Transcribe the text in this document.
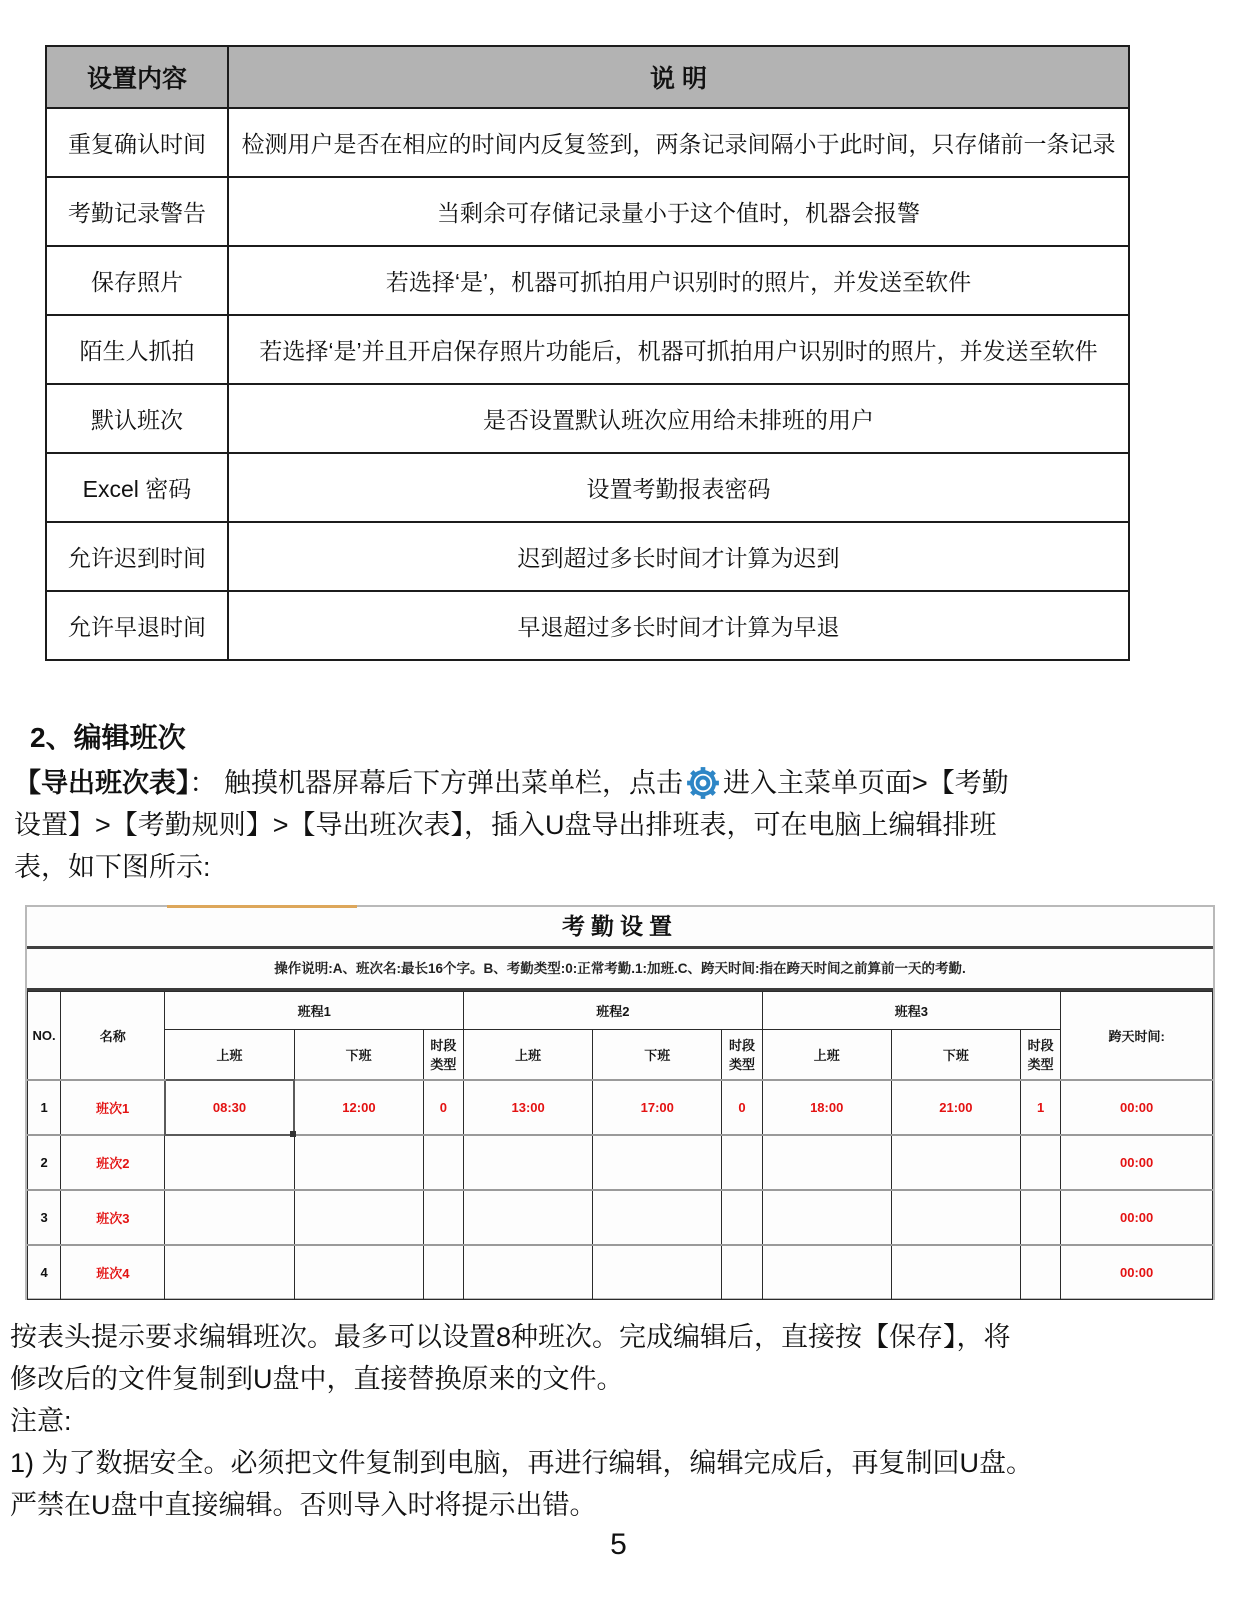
设置内容	说 明
重复确认时间	检测用户是否在相应的时间内反复签到，两条记录间隔小于此时间，只存储前一条记录
考勤记录警告	当剩余可存储记录量小于这个值时，机器会报警
保存照片	若选择‘是’，机器可抓拍用户识别时的照片，并发送至软件
陌生人抓拍	若选择‘是’并且开启保存照片功能后，机器可抓拍用户识别时的照片，并发送至软件
默认班次	是否设置默认班次应用给未排班的用户
Excel 密码	设置考勤报表密码
允许迟到时间	迟到超过多长时间才计算为迟到
允许早退时间	早退超过多长时间才计算为早退
2、编辑班次
【导出班次表】： 触摸机器屏幕后下方弹出菜单栏，点击 进入主菜单页面>【考勤
设置】>【考勤规则】>【导出班次表】，插入U盘导出排班表，可在电脑上编辑排班
表，如下图所示:
考勤设置
操作说明:A、班次名:最长16个字。B、考勤类型:0:正常考勤.1:加班.C、跨天时间:指在跨天时间之前算前一天的考勤.
NO.	名称	班程1			班程2			班程3			跨天时间:
		上班	下班	时段类型	上班	下班	时段类型	上班	下班	时段类型	
1	班次1	08:30	12:00	0	13:00	17:00	0	18:00	21:00	1	00:00
2	班次2										00:00
3	班次3										00:00
4	班次4										00:00
按表头提示要求编辑班次。最多可以设置8种班次。完成编辑后，直接按【保存】，将
修改后的文件复制到U盘中，直接替换原来的文件。
注意:
1) 为了数据安全。必须把文件复制到电脑，再进行编辑，编辑完成后，再复制回U盘。
严禁在U盘中直接编辑。否则导入时将提示出错。
5
